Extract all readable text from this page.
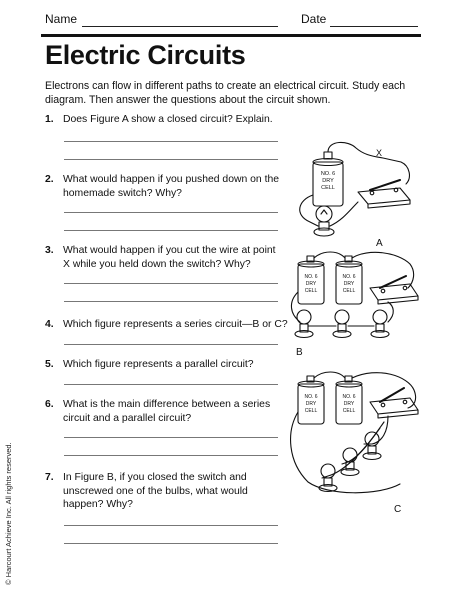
Name	Date
Electric Circuits
Electrons can flow in different paths to create an electrical circuit. Study each diagram. Then answer the questions about the circuit shown.
1. Does Figure A show a closed circuit? Explain.
2. What would happen if you pushed down on the homemade switch? Why?
3. What would happen if you cut the wire at point X while you held down the switch? Why?
4. Which figure represents a series circuit—B or C?
5. Which figure represents a parallel circuit?
6. What is the main difference between a series circuit and a parallel circuit?
7. In Figure B, if you closed the switch and unscrewed one of the bulbs, what would happen? Why?
© Harcourt Achieve Inc. All rights reserved.
NO. 6
DRY
CELL
X
A
NO. 6
DRY
CELL
NO. 6
DRY
CELL
B
NO. 6
DRY
CELL
NO. 6
DRY
CELL
C
